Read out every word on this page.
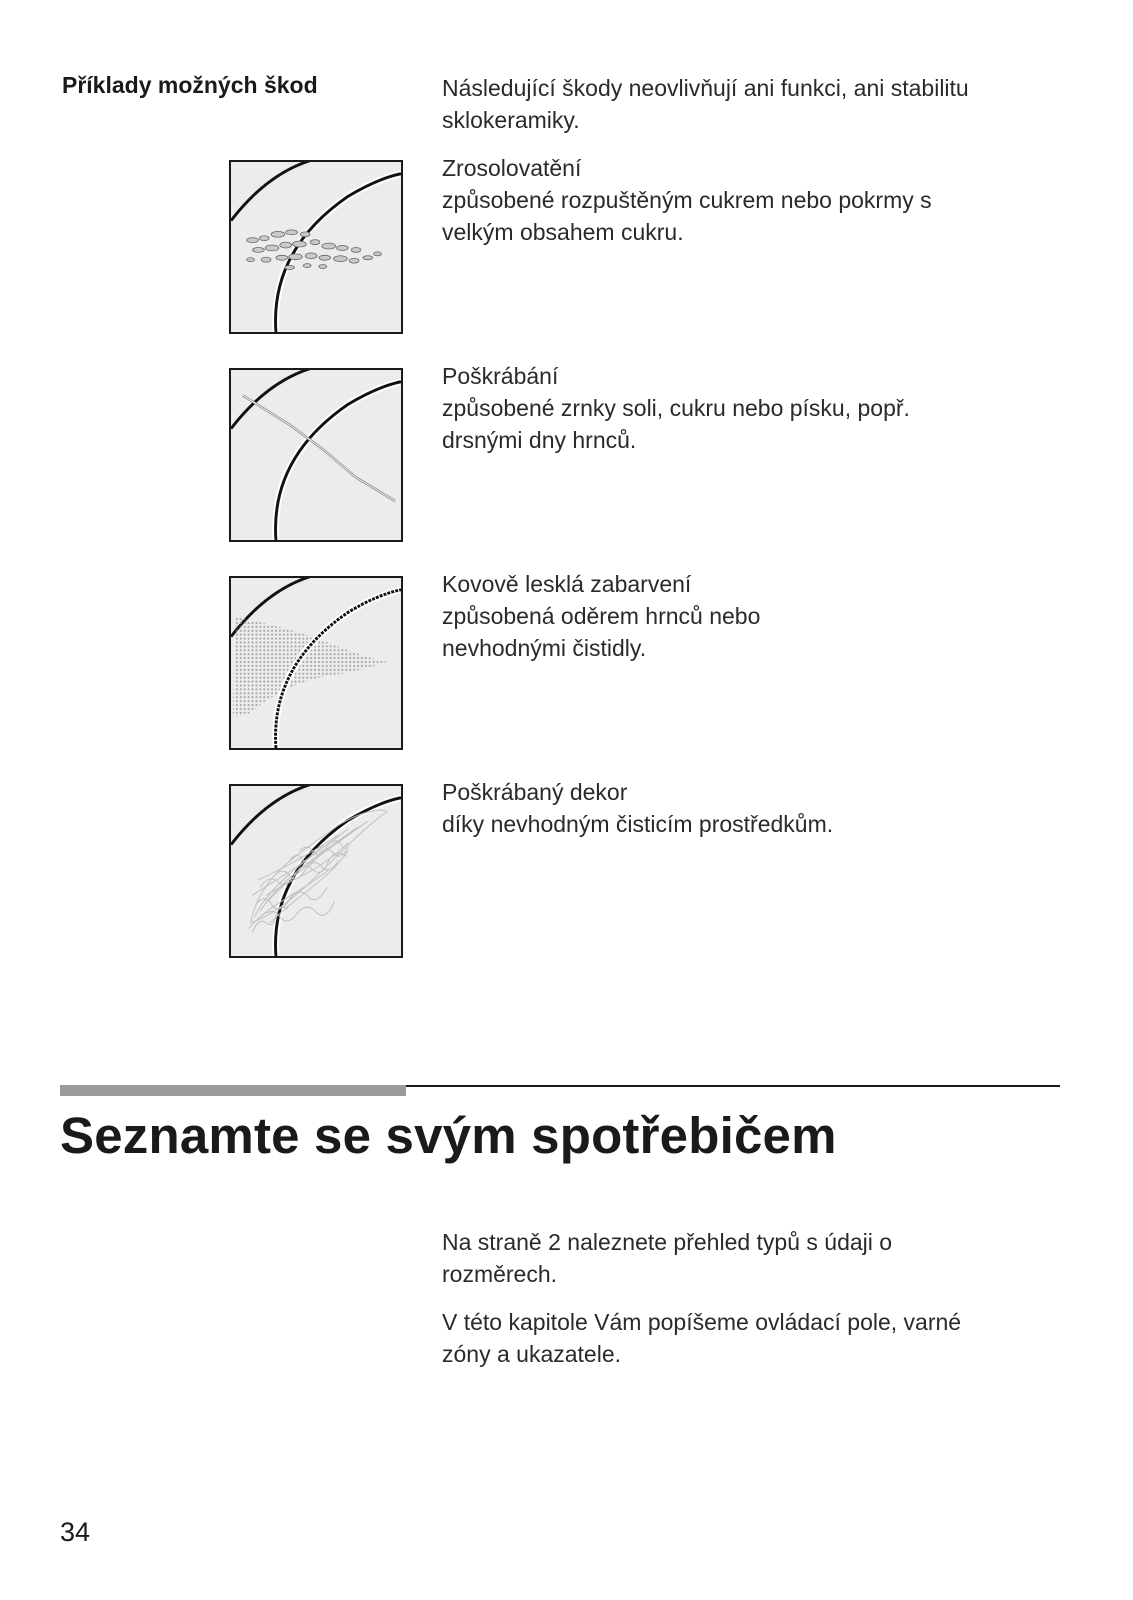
Příklady možných škod	Následující škody neovlivňují ani funkci, ani stabilitu
sklokeramiky.
Zrosolovatění
způsobené rozpuštěným cukrem nebo pokrmy s
velkým obsahem cukru.
Poškrábání
způsobené zrnky soli, cukru nebo písku, popř.
drsnými dny hrnců.
Kovově lesklá zabarvení
způsobená oděrem hrnců nebo
nevhodnými čistidly.
Poškrábaný dekor
díky nevhodným čisticím prostředkům.
Seznamte se svým spotřebičem
Na straně 2 naleznete přehled typů s údaji o
rozměrech.
V této kapitole Vám popíšeme ovládací pole, varné
zóny a ukazatele.
34
